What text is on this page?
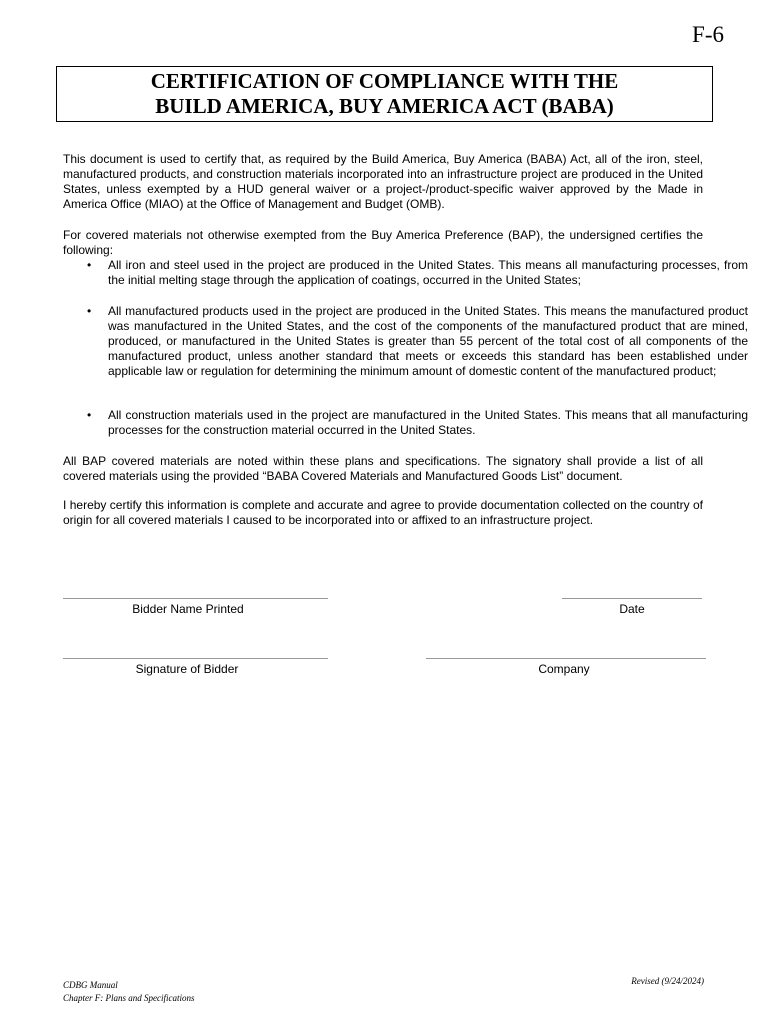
F-6
CERTIFICATION OF COMPLIANCE WITH THE
BUILD AMERICA, BUY AMERICA ACT (BABA)
This document is used to certify that, as required by the Build America, Buy America (BABA) Act, all of the iron, steel, manufactured products, and construction materials incorporated into an infrastructure project are produced in the United States, unless exempted by a HUD general waiver or a project-/product-specific waiver approved by the Made in America Office (MIAO) at the Office of Management and Budget (OMB).
For covered materials not otherwise exempted from the Buy America Preference (BAP), the undersigned certifies the following:
• All iron and steel used in the project are produced in the United States. This means all manufacturing processes, from the initial melting stage through the application of coatings, occurred in the United States;
• All manufactured products used in the project are produced in the United States. This means the manufactured product was manufactured in the United States, and the cost of the components of the manufactured product that are mined, produced, or manufactured in the United States is greater than 55 percent of the total cost of all components of the manufactured product, unless another standard that meets or exceeds this standard has been established under applicable law or regulation for determining the minimum amount of domestic content of the manufactured product;
• All construction materials used in the project are manufactured in the United States. This means that all manufacturing processes for the construction material occurred in the United States.
All BAP covered materials are noted within these plans and specifications. The signatory shall provide a list of all covered materials using the provided “BABA Covered Materials and Manufactured Goods List” document.
I hereby certify this information is complete and accurate and agree to provide documentation collected on the country of origin for all covered materials I caused to be incorporated into or affixed to an infrastructure project.
Bidder Name Printed	Date
Signature of Bidder	Company
CDBG Manual
Chapter F: Plans and Specifications
Revised (9/24/2024)
